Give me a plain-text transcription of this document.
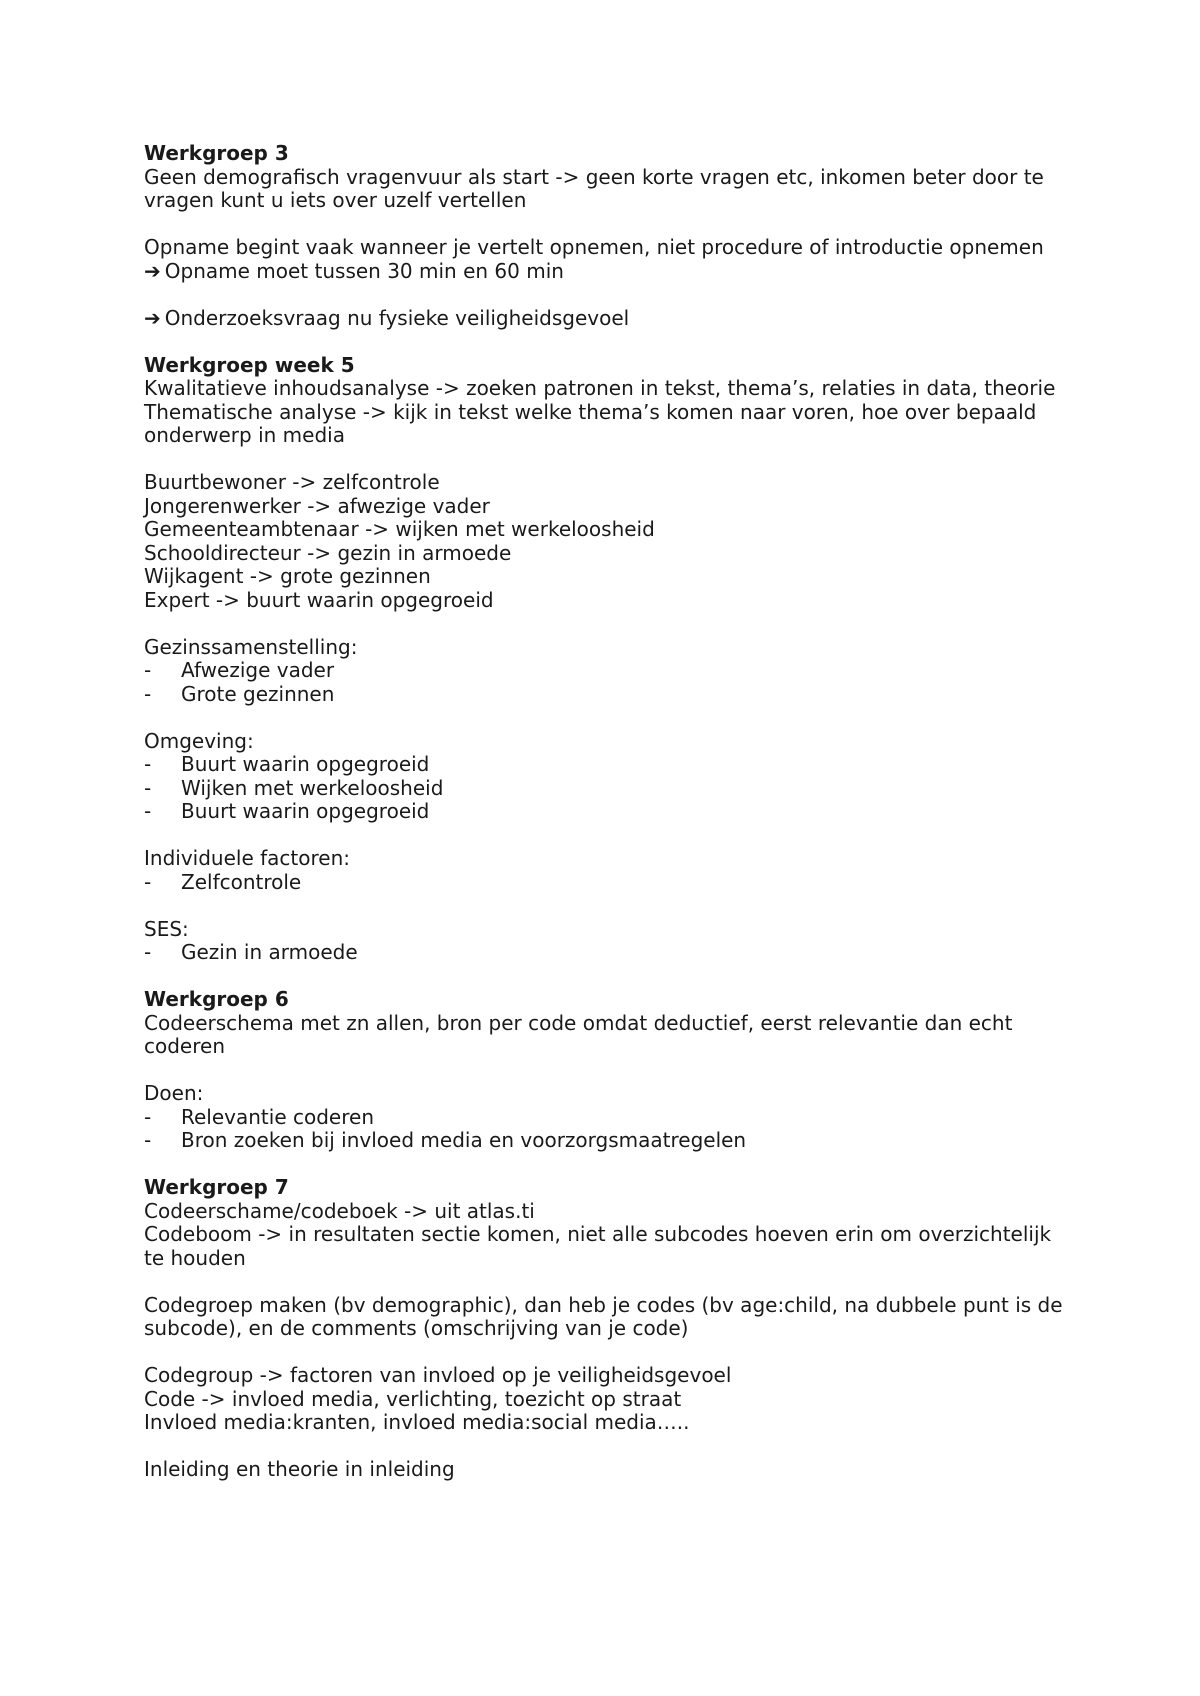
Werkgroep 3
Geen demografisch vragenvuur als start -> geen korte vragen etc, inkomen beter door te vragen kunt u iets over uzelf vertellen
Opname begint vaak wanneer je vertelt opnemen, niet procedure of introductie opnemen
➔ Opname moet tussen 30 min en 60 min
➔ Onderzoeksvraag nu fysieke veiligheidsgevoel
Werkgroep week 5
Kwalitatieve inhoudsanalyse -> zoeken patronen in tekst, thema’s, relaties in data, theorie
Thematische analyse -> kijk in tekst welke thema’s komen naar voren, hoe over bepaald onderwerp in media
Buurtbewoner -> zelfcontrole
Jongerenwerker -> afwezige vader
Gemeenteambtenaar -> wijken met werkeloosheid
Schooldirecteur -> gezin in armoede
Wijkagent -> grote gezinnen
Expert -> buurt waarin opgegroeid
Gezinssamenstelling:
-	Afwezige vader
-	Grote gezinnen
Omgeving:
-	Buurt waarin opgegroeid
-	Wijken met werkeloosheid
-	Buurt waarin opgegroeid
Individuele factoren:
-	Zelfcontrole
SES:
-	Gezin in armoede
Werkgroep 6
Codeerschema met zn allen, bron per code omdat deductief, eerst relevantie dan echt coderen
Doen:
-	Relevantie coderen
-	Bron zoeken bij invloed media en voorzorgsmaatregelen
Werkgroep 7
Codeerschame/codeboek -> uit atlas.ti
Codeboom -> in resultaten sectie komen, niet alle subcodes hoeven erin om overzichtelijk te houden
Codegroep maken (bv demographic), dan heb je codes (bv age:child, na dubbele punt is de subcode), en de comments (omschrijving van je code)
Codegroup -> factoren van invloed op je veiligheidsgevoel
Code -> invloed media, verlichting, toezicht op straat
Invloed media:kranten, invloed media:social media…..
Inleiding en theorie in inleiding
